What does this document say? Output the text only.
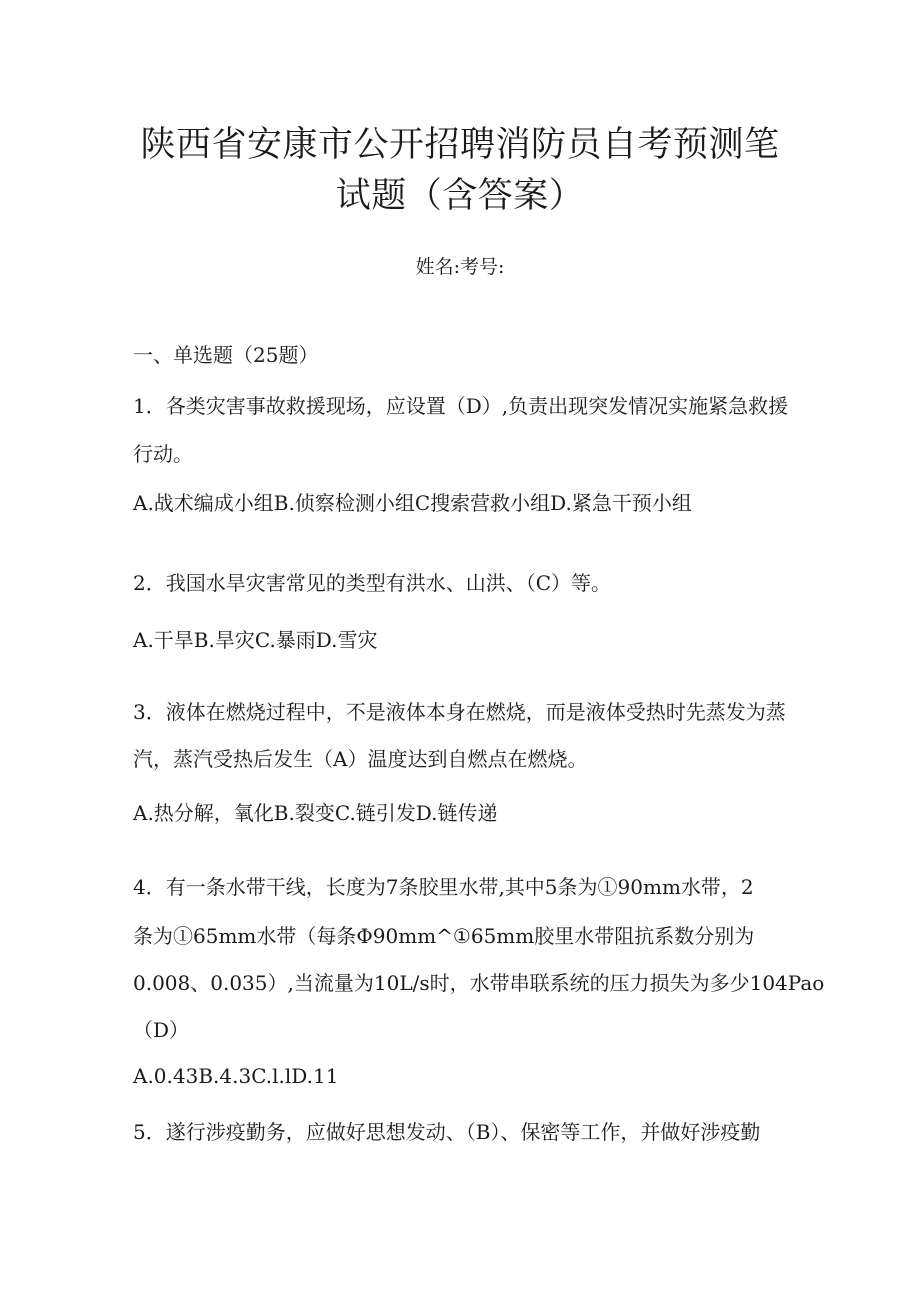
陕西省安康市公开招聘消防员自考预测笔
试题（含答案）
姓名:考号:
一、单选题（25题）
1．各类灾害事故救援现场，应设置（D）,负责出现突发情况实施紧急救援
行动。
A.战术编成小组B.侦察检测小组C搜索营救小组D.紧急干预小组
2．我国水旱灾害常见的类型有洪水、山洪、（C）等。
A.干旱B.旱灾C.暴雨D.雪灾
3．液体在燃烧过程中，不是液体本身在燃烧，而是液体受热时先蒸发为蒸
汽，蒸汽受热后发生（A）温度达到自燃点在燃烧。
A.热分解，氧化B.裂变C.链引发D.链传递
4．有一条水带干线，长度为7条胶里水带,其中5条为①90mm水带，2
条为①65mm水带（每条Φ90mm^①65mm胶里水带阻抗系数分别为
0.008、0.035）,当流量为10L∕s时，水带串联系统的压力损失为多少104Paο
（D）
A.0.43B.4.3C.l.lD.11
5．遂行涉疫勤务，应做好思想发动、（B）、保密等工作，并做好涉疫勤
